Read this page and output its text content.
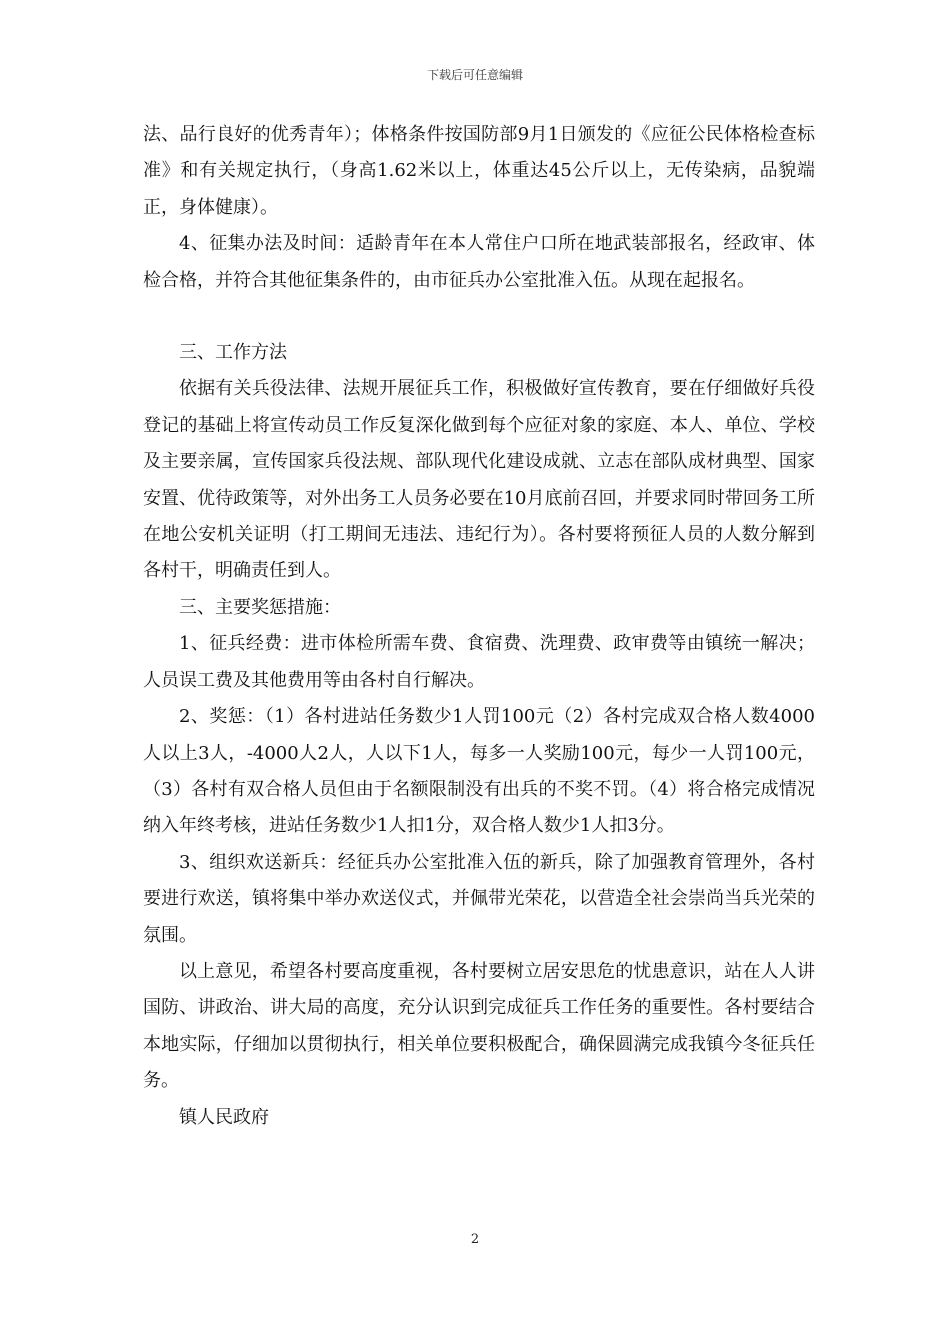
下载后可任意编辑

法、品行良好的优秀青年）；体格条件按国防部9月1日颁发的《应征公民体格检查标准》和有关规定执行，（身高1.62米以上，体重达45公斤以上，无传染病，品貌端正，身体健康）。

4、征集办法及时间：适龄青年在本人常住户口所在地武装部报名，经政审、体检合格，并符合其他征集条件的，由市征兵办公室批准入伍。从现在起报名。

三、工作方法

依据有关兵役法律、法规开展征兵工作，积极做好宣传教育，要在仔细做好兵役登记的基础上将宣传动员工作反复深化做到每个应征对象的家庭、本人、单位、学校及主要亲属，宣传国家兵役法规、部队现代化建设成就、立志在部队成材典型、国家安置、优待政策等，对外出务工人员务必要在10月底前召回，并要求同时带回务工所在地公安机关证明（打工期间无违法、违纪行为）。各村要将预征人员的人数分解到各村干，明确责任到人。

三、主要奖惩措施：

1、征兵经费：进市体检所需车费、食宿费、洗理费、政审费等由镇统一解决；人员误工费及其他费用等由各村自行解决。

2、奖惩：（1）各村进站任务数少1人罚100元（2）各村完成双合格人数4000人以上3人，-4000人2人，人以下1人，每多一人奖励100元，每少一人罚100元，（3）各村有双合格人员但由于名额限制没有出兵的不奖不罚。（4）将合格完成情况纳入年终考核，进站任务数少1人扣1分，双合格人数少1人扣3分。

3、组织欢送新兵：经征兵办公室批准入伍的新兵，除了加强教育管理外，各村要进行欢送，镇将集中举办欢送仪式，并佩带光荣花，以营造全社会崇尚当兵光荣的氛围。

以上意见，希望各村要高度重视，各村要树立居安思危的忧患意识，站在人人讲国防、讲政治、讲大局的高度，充分认识到完成征兵工作任务的重要性。各村要结合本地实际，仔细加以贯彻执行，相关单位要积极配合，确保圆满完成我镇今冬征兵任务。

镇人民政府

2
